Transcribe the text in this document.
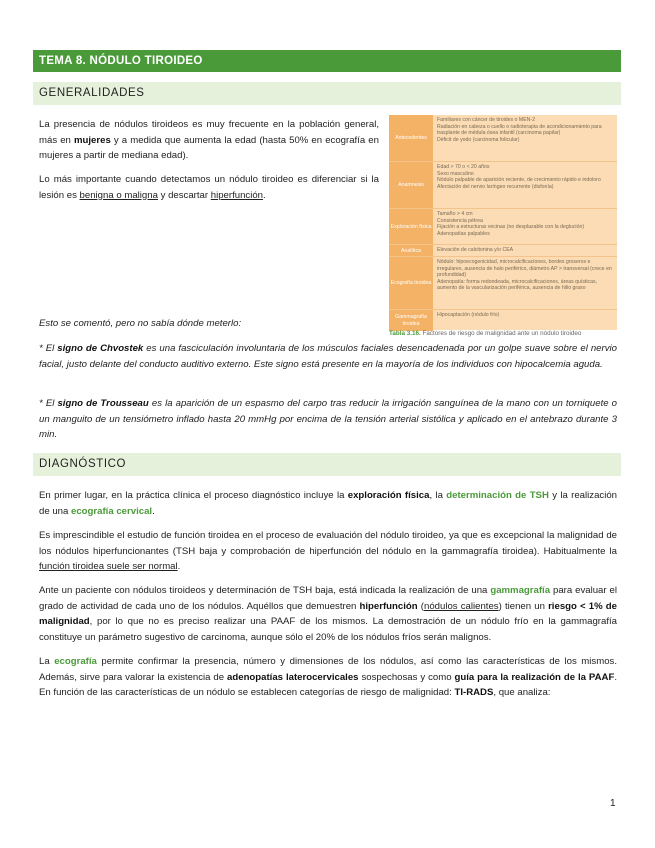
TEMA 8. NÓDULO TIROIDEO
GENERALIDADES
La presencia de nódulos tiroideos es muy frecuente en la población general, más en mujeres y a medida que aumenta la edad (hasta 50% en ecografía en mujeres a partir de mediana edad).
Lo más importante cuando detectamos un nódulo tiroideo es diferenciar si la lesión es benigna o maligna y descartar hiperfunción.
Antecedentes
Familiares con cáncer de tiroides o MEN-2
Radiación en cabeza o cuello o radioterapia de acondicionamiento para trasplante de médula ósea infantil (carcinoma papilar)
Déficit de yodo (carcinoma folicular)
Anamnesis
Edad > 70 o < 20 años
Sexo masculino
Nódulo palpable de aparición reciente, de crecimiento rápido e indoloro
Afectación del nervio laríngeo recurrente (disfonía)
Exploración física
Tamaño > 4 cm
Consistencia pétrea
Fijación a estructuras vecinas (no desplazable con la deglución)
Adenopatías palpables
Analítica	Elevación de calcitonina y/o CEA
Ecografía tiroidea
Nódulo: hipoecogenicidad, microcalcificaciones, bordes groseros e irregulares, ausencia de halo periférico, diámetro AP > transversal (crece en profundidad)
Adenopatía: forma redondeada, microcalcificaciones, áreas quísticas, aumento de la vascularización periférica, ausencia de hilio graso
Gammagrafía tiroidea
Hipocaptación (nódulo frío)
Tabla 3.16. Factores de riesgo de malignidad ante un nódulo tiroideo
Esto se comentó, pero no sabía dónde meterlo:
* El signo de Chvostek es una fasciculación involuntaria de los músculos faciales desencadenada por un golpe suave sobre el nervio facial, justo delante del conducto auditivo externo. Este signo está presente en la mayoría de los individuos con hipocalcemia aguda.
* El signo de Trousseau es la aparición de un espasmo del carpo tras reducir la irrigación sanguínea de la mano con un torniquete o un manguito de un tensiómetro inflado hasta 20 mmHg por encima de la tensión arterial sistólica y aplicado en el antebrazo durante 3 min.
DIAGNÓSTICO
En primer lugar, en la práctica clínica el proceso diagnóstico incluye la exploración física, la determinación de TSH y la realización de una ecografía cervical.
Es imprescindible el estudio de función tiroidea en el proceso de evaluación del nódulo tiroideo, ya que es excepcional la malignidad de los nódulos hiperfuncionantes (TSH baja y comprobación de hiperfunción del nódulo en la gammagrafía tiroidea). Habitualmente la función tiroidea suele ser normal.
Ante un paciente con nódulos tiroideos y determinación de TSH baja, está indicada la realización de una gammagrafía para evaluar el grado de actividad de cada uno de los nódulos. Aquéllos que demuestren hiperfunción (nódulos calientes) tienen un riesgo < 1% de malignidad, por lo que no es preciso realizar una PAAF de los mismos. La demostración de un nódulo frío en la gammagrafía constituye un parámetro sugestivo de carcinoma, aunque sólo el 20% de los nódulos fríos serán malignos.
La ecografía permite confirmar la presencia, número y dimensiones de los nódulos, así como las características de los mismos. Además, sirve para valorar la existencia de adenopatías laterocervicales sospechosas y como guía para la realización de la PAAF. En función de las características de un nódulo se establecen categorías de riesgo de malignidad: TI-RADS, que analiza:
1
